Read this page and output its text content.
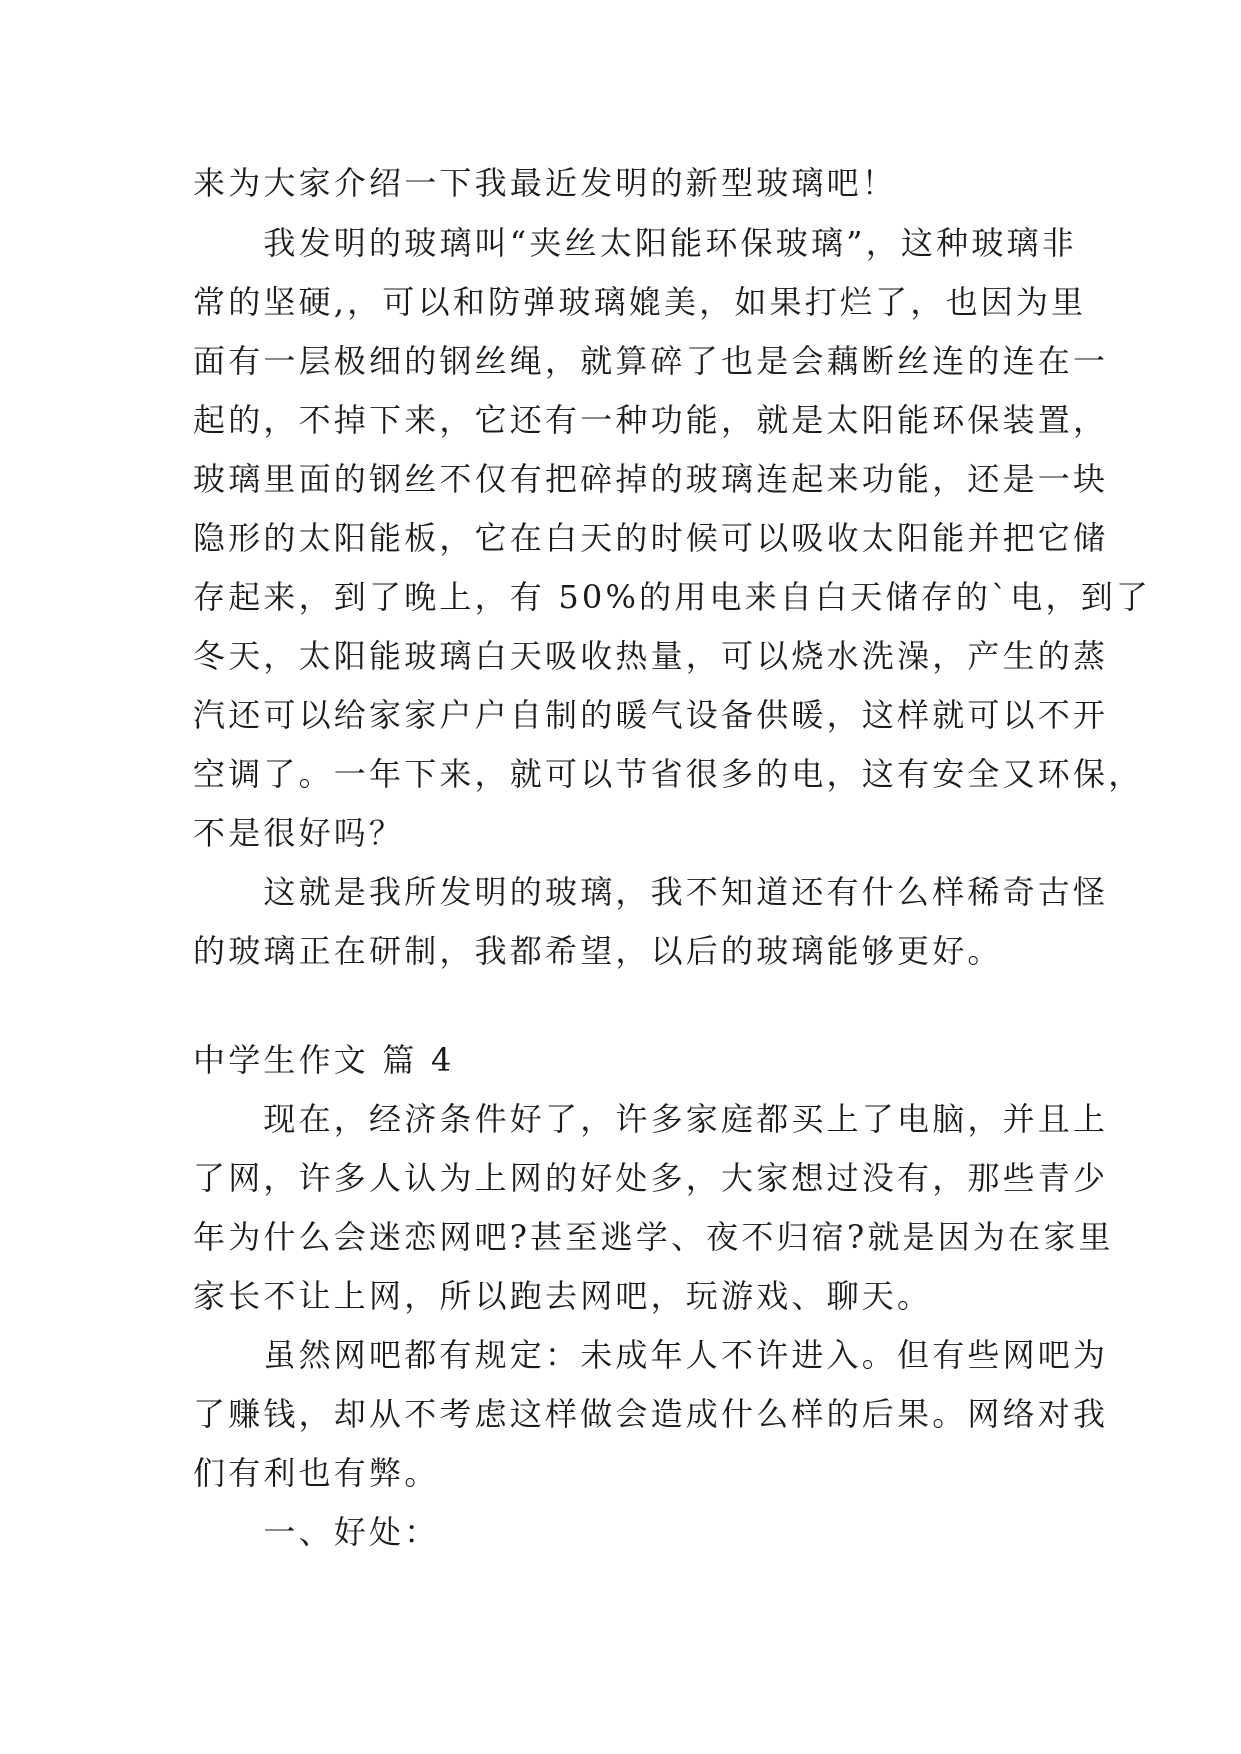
来为大家介绍一下我最近发明的新型玻璃吧！
　　我发明的玻璃叫“夹丝太阳能环保玻璃”，这种玻璃非
常的坚硬,，可以和防弹玻璃媲美，如果打烂了，也因为里
面有一层极细的钢丝绳，就算碎了也是会藕断丝连的连在一
起的，不掉下来，它还有一种功能，就是太阳能环保装置，
玻璃里面的钢丝不仅有把碎掉的玻璃连起来功能，还是一块
隐形的太阳能板，它在白天的时候可以吸收太阳能并把它储
存起来，到了晚上，有 50%的用电来自白天储存的`电，到了
冬天，太阳能玻璃白天吸收热量，可以烧水洗澡，产生的蒸
汽还可以给家家户户自制的暖气设备供暖，这样就可以不开
空调了。一年下来，就可以节省很多的电，这有安全又环保，
不是很好吗？
　　这就是我所发明的玻璃，我不知道还有什么样稀奇古怪
的玻璃正在研制，我都希望，以后的玻璃能够更好。
中学生作文 篇 4
　　现在，经济条件好了，许多家庭都买上了电脑，并且上
了网，许多人认为上网的好处多，大家想过没有，那些青少
年为什么会迷恋网吧?甚至逃学、夜不归宿?就是因为在家里
家长不让上网，所以跑去网吧，玩游戏、聊天。
　　虽然网吧都有规定：未成年人不许进入。但有些网吧为
了赚钱，却从不考虑这样做会造成什么样的后果。网络对我
们有利也有弊。
　　一、好处：
